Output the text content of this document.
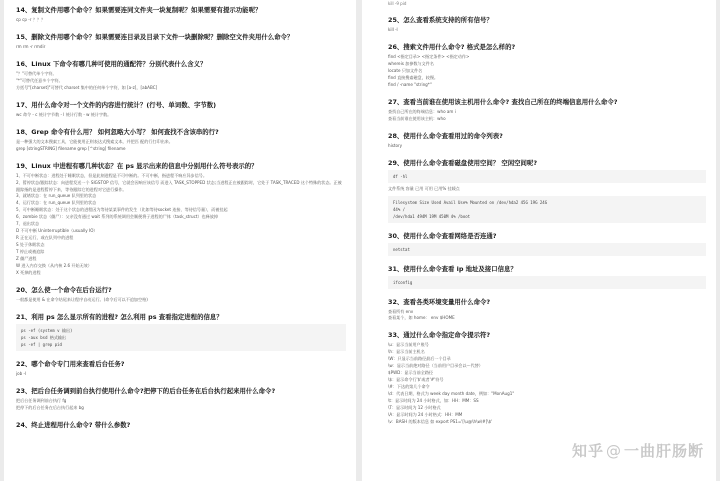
14、复制文件用哪个命令？如果需要连同文件夹一块复制呢？如果需要有提示功能呢？
cp cp -r ？？？
15、删除文件用哪个命令？如果需要连目录及目录下文件一块删除呢？删除空文件夹用什么命令？
rm rm -r rmdir
16、Linux 下命令有哪几种可使用的通配符？分别代表什么含义？
"？"可替代单个字符。
"*"可替代任意多个字符。
方括号"[charset]"可替代 charset 集中的任何单个字符，如 [a-z]，[abABC]
17、用什么命令对一个文件的内容进行统计？(行号、单词数、字节数)
wc 命令 - c 统计字节数 - l 统计行数 - w 统计字数。
18、Grep 命令有什么用？ 如何忽略大小写？ 如何查找不含该串的行?
是一种强大的文本搜索工具，它能使用正则表达式搜索文本，并把匹 配的行打印出来。
grep [stringSTRING] filename grep [^string] filename
19、Linux 中进程有哪几种状态？在 ps 显示出来的信息中分别用什么符号表示的？
1、不可中断状态：进程处于睡眠状态，但是此刻进程是不可中断的。不可中断，指进程不响应异步信号。
2、暂停状态/跟踪状态：向进程发送一个 SIGSTOP 信号，它就会因响应该信号 而进入 TASK_STOPPED 状态;当进程正在被跟踪时，它处于 TASK_TRACED 这个特殊的状态。正被
跟踪指的是进程暂停下来，等待跟踪它的进程对它进行操作。
3、就绪状态：在 run_queue 队列里的状态
4、运行状态：在 run_queue 队列里的状态
5、可中断睡眠状态：处于这个状态的进程因为等待某某事件的发生（比如等待socket 连接、等待信号量），而被挂起
6、zombie 状态（僵尸）：父亲没有通过 wait 系列的系统调用会顺便将子进程的尸体（task_struct）也释放掉
7、退出状态
D 不可中断 Uninterruptible（usually IO）
R 正在运行，或在队列中的进程
S 处于休眠状态
T 停止或被追踪
Z 僵尸进程
W 进入内存交换（从内核 2.6 开始无效）
X 死掉的进程
20、怎么使一个命令在后台运行?
一般都是使用 & 在命令结尾来让程序自动运行。(命令后可以不追加空格)
21、利用 ps 怎么显示所有的进程? 怎么利用 ps 查看指定进程的信息？
ps -ef (system v 输出)
ps -aux bsd 格式输出
ps -ef | grep pid
22、哪个命令专门用来查看后台任务?
job -l
23、把后台任务调到前台执行使用什么命令?把停下的后台任务在后台执行起来用什么命令?
把后台任务调到前台执行 fg
把停下的后台任务在后台执行起来 bg
24、终止进程用什么命令? 带什么参数?
kill -9 pid
25、怎么查看系统支持的所有信号？
kill -l
26、搜索文件用什么命令? 格式是怎么样的?
find <指定目录> <指定条件> <指定动作>
whereis 加参数与文件名
locate 只加文件名
find 直接搜索磁盘，较慢。
find / -name "string*"
27、查看当前谁在使用该主机用什么命令? 查找自己所在的终端信息用什么命令?
查找自己所在的终端信息：who am i
查看当前谁在使用该主机：who
28、使用什么命令查看用过的命令列表?
history
29、使用什么命令查看磁盘使用空间？ 空闲空间呢?
df -hl
文件系统 容量 已用 可用 已用% 挂载点
Filesystem Size Used Avail Use% Mounted on /dev/hda2 45G 19G 24G
44% /
/dev/hda1 494M 19M 450M 4% /boot
30、使用什么命令查看网络是否连通?
netstat
31、使用什么命令查看 ip 地址及接口信息？
ifconfig
32、查看各类环境变量用什么命令?
查看所有 env
查看某个，如 home： env $HOME
33、通过什么命令指定命令提示符?
\u：显示当前用户账号
\h：显示当前主机名
\W：只显示当前路径最后一个目录
\w：显示当前绝对路径（当前用户目录会以～代替）
$PWD：显示当前全路径
\$：显示命令行'$'或者'#'符号
\#：下达的第几个命令
\d：代表日期，格式为 week day month date，例如："MonAug1"
\t：显示时间为 24 小时格式，如：HH：MM：SS
\T：显示时间为 12 小时格式
\A：显示时间为 24 小时格式：HH：MM
\v：BASH 的版本信息 如 export PS1='[\u@\h\w\#]\$'
知乎 @ 一曲肝肠断
